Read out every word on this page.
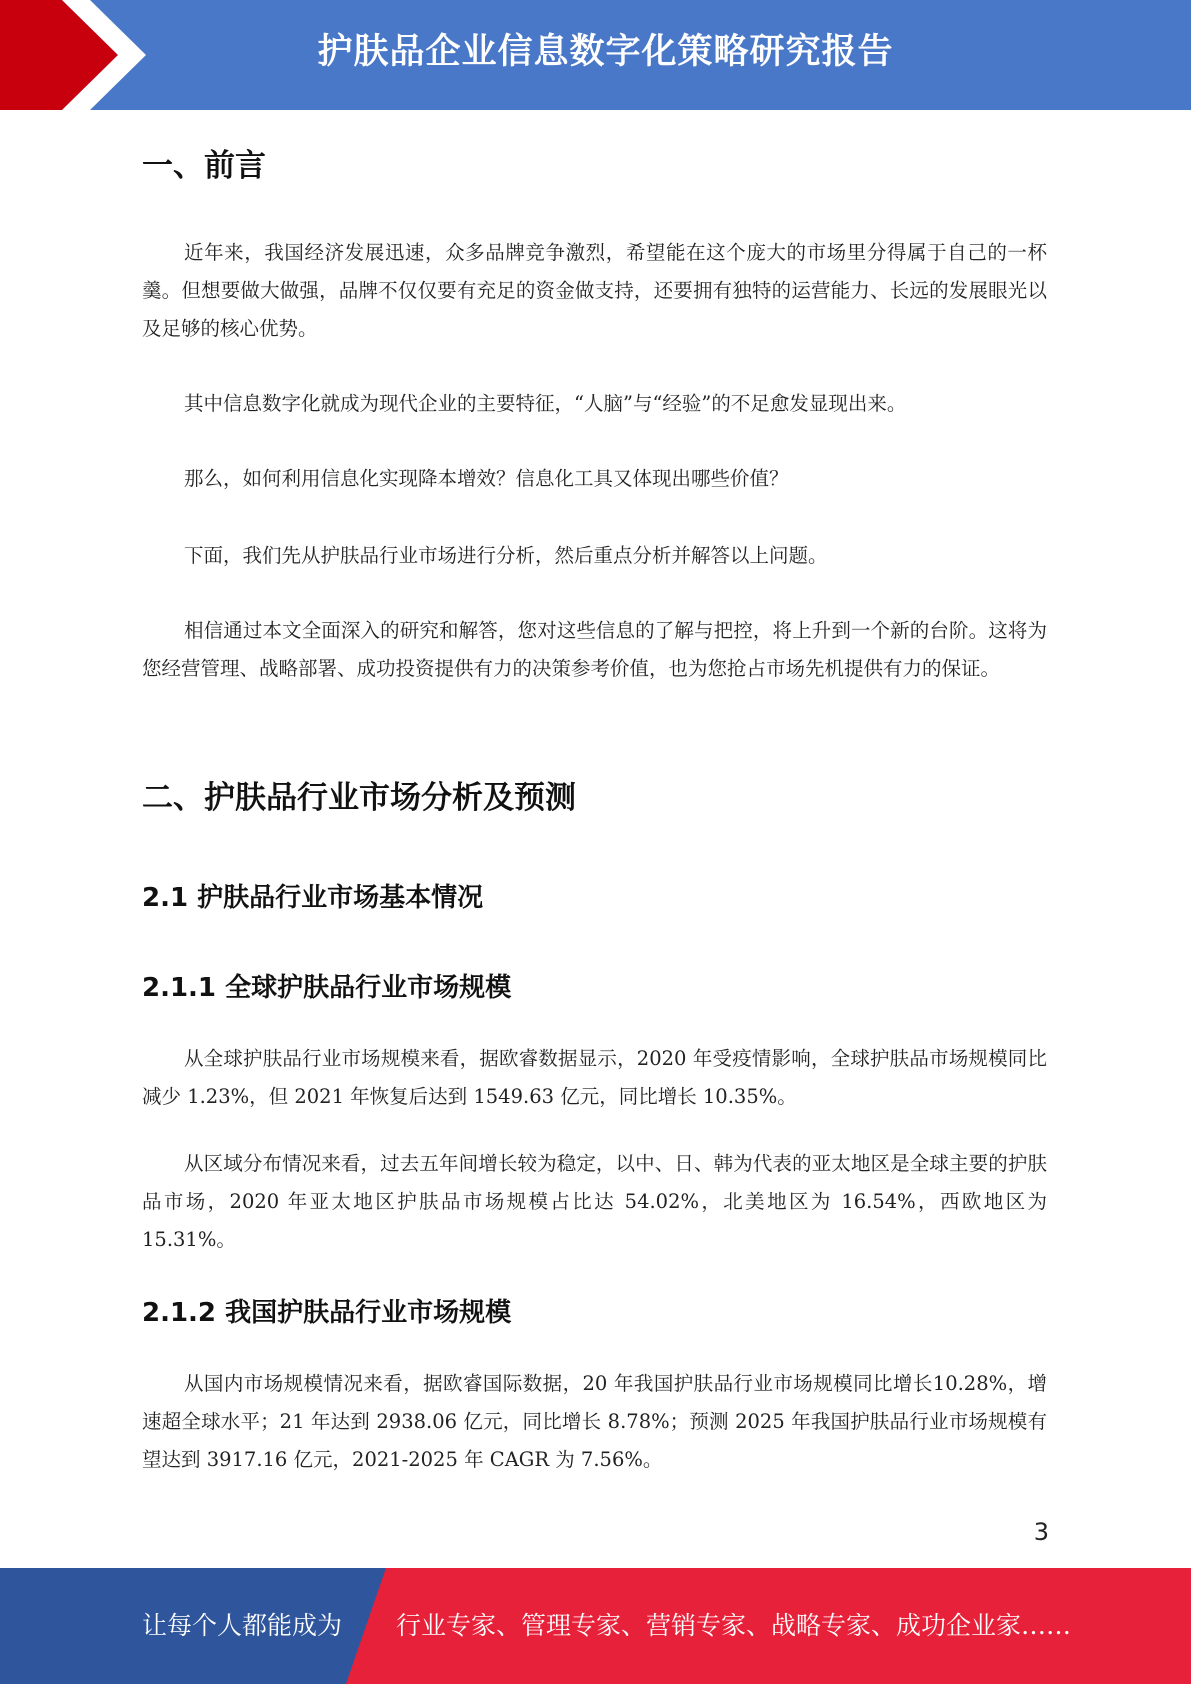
护肤品企业信息数字化策略研究报告
一、前言
近年来，我国经济发展迅速，众多品牌竞争激烈，希望能在这个庞大的市场里分得属于自己的一杯羹。但想要做大做强，品牌不仅仅要有充足的资金做支持，还要拥有独特的运营能力、长远的发展眼光以及足够的核心优势。
其中信息数字化就成为现代企业的主要特征，“人脑”与“经验”的不足愈发显现出来。
那么，如何利用信息化实现降本增效？信息化工具又体现出哪些价值？
下面，我们先从护肤品行业市场进行分析，然后重点分析并解答以上问题。
相信通过本文全面深入的研究和解答，您对这些信息的了解与把控，将上升到一个新的台阶。这将为您经营管理、战略部署、成功投资提供有力的决策参考价值，也为您抢占市场先机提供有力的保证。
二、护肤品行业市场分析及预测
2.1 护肤品行业市场基本情况
2.1.1 全球护肤品行业市场规模
从全球护肤品行业市场规模来看，据欧睿数据显示，2020 年受疫情影响，全球护肤品市场规模同比减少 1.23%，但 2021 年恢复后达到 1549.63 亿元，同比增长 10.35%。
从区域分布情况来看，过去五年间增长较为稳定，以中、日、韩为代表的亚太地区是全球主要的护肤品市场，2020 年亚太地区护肤品市场规模占比达 54.02%，北美地区为 16.54%，西欧地区为 15.31%。
2.1.2 我国护肤品行业市场规模
从国内市场规模情况来看，据欧睿国际数据，20 年我国护肤品行业市场规模同比增长10.28%，增速超全球水平；21 年达到 2938.06 亿元，同比增长 8.78%；预测 2025 年我国护肤品行业市场规模有望达到 3917.16 亿元，2021-2025 年 CAGR 为 7.56%。
3
让每个人都能成为 行业专家、管理专家、营销专家、战略专家、成功企业家……
